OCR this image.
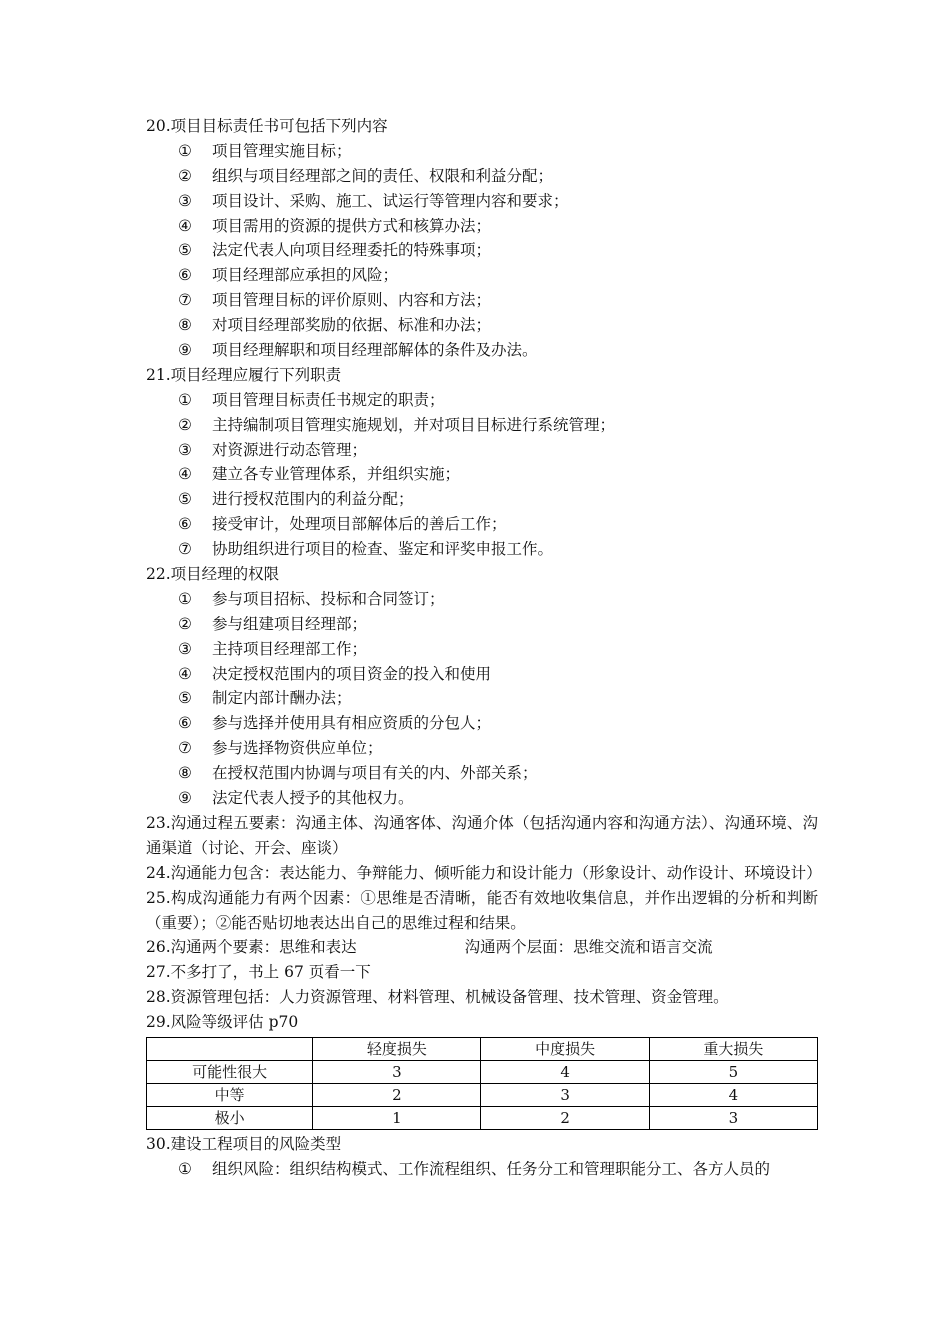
20.项目目标责任书可包括下列内容
① 项目管理实施目标；
② 组织与项目经理部之间的责任、权限和利益分配；
③ 项目设计、采购、施工、试运行等管理内容和要求；
④ 项目需用的资源的提供方式和核算办法；
⑤ 法定代表人向项目经理委托的特殊事项；
⑥ 项目经理部应承担的风险；
⑦ 项目管理目标的评价原则、内容和方法；
⑧ 对项目经理部奖励的依据、标准和办法；
⑨ 项目经理解职和项目经理部解体的条件及办法。
21.项目经理应履行下列职责
① 项目管理目标责任书规定的职责；
② 主持编制项目管理实施规划，并对项目目标进行系统管理；
③ 对资源进行动态管理；
④ 建立各专业管理体系，并组织实施；
⑤ 进行授权范围内的利益分配；
⑥ 接受审计，处理项目部解体后的善后工作；
⑦ 协助组织进行项目的检查、鉴定和评奖申报工作。
22.项目经理的权限
① 参与项目招标、投标和合同签订；
② 参与组建项目经理部；
③ 主持项目经理部工作；
④ 决定授权范围内的项目资金的投入和使用
⑤ 制定内部计酬办法；
⑥ 参与选择并使用具有相应资质的分包人；
⑦ 参与选择物资供应单位；
⑧ 在授权范围内协调与项目有关的内、外部关系；
⑨ 法定代表人授予的其他权力。
23.沟通过程五要素：沟通主体、沟通客体、沟通介体（包括沟通内容和沟通方法）、沟通环境、沟通渠道（讨论、开会、座谈）
24.沟通能力包含：表达能力、争辩能力、倾听能力和设计能力（形象设计、动作设计、环境设计）
25.构成沟通能力有两个因素：①思维是否清晰，能否有效地收集信息，并作出逻辑的分析和判断（重要）；②能否贴切地表达出自己的思维过程和结果。
26.沟通两个要素：思维和表达	沟通两个层面：思维交流和语言交流
27.不多打了，书上 67 页看一下
28.资源管理包括：人力资源管理、材料管理、机械设备管理、技术管理、资金管理。
29.风险等级评估 p70
	轻度损失	中度损失	重大损失
可能性很大	3	4	5
中等	2	3	4
极小	1	2	3
30.建设工程项目的风险类型
① 组织风险：组织结构模式、工作流程组织、任务分工和管理职能分工、各方人员的
